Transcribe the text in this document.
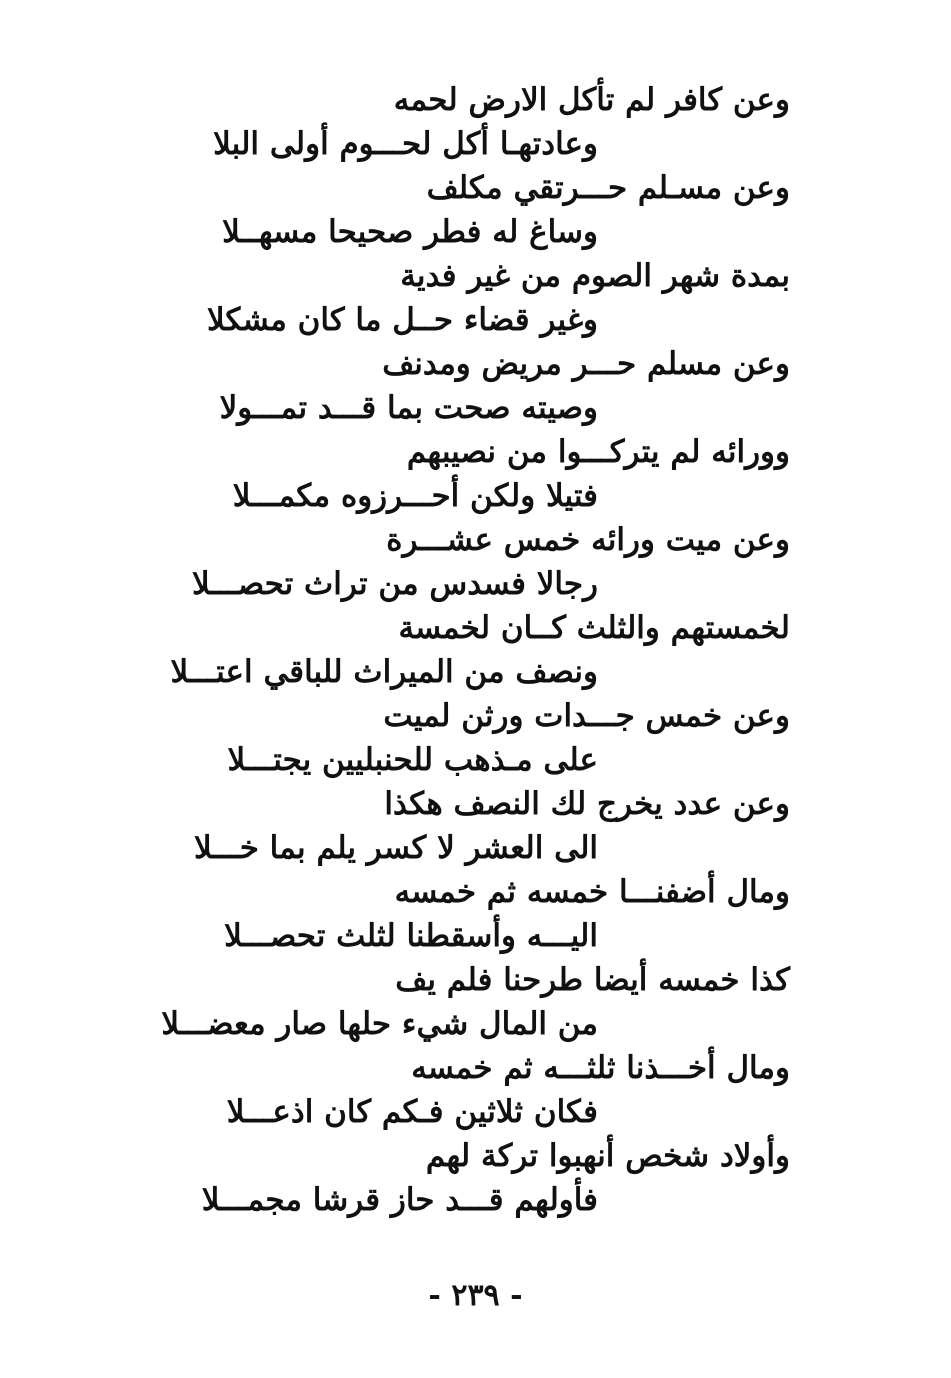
وعن كافر لم تأكل الارض لحمه
وعادتهـا أكل لحـــوم أولى البلا
وعن مسـلم حـــرتقي مكلف
وساغ له فطر صحيحا مسهــلا
بمدة شهر الصوم من غير فدية
وغير قضاء حــل ما كان مشكلا
وعن مسلم حـــر مريض ومدنف
وصيته صحت بما قـــد تمـــولا
وورائه لم يتركـــوا من نصيبهم
فتيلا ولكن أحـــرزوه مكمـــلا
وعن ميت ورائه خمس عشـــرة
رجالا فسدس من تراث تحصـــلا
لخمستهم والثلث كــان لخمسة
ونصف من الميراث للباقي اعتـــلا
وعن خمس جـــدات ورثن لميت
على مـذهب للحنبليين يجتـــلا
وعن عدد يخرج لك النصف هكذا
الى العشر لا كسر يلم بما خـــلا
ومال أضفنـــا خمسه ثم خمسه
اليـــه وأسقطنا لثلث تحصـــلا
كذا خمسه أيضا طرحنا فلم يف
من المال شيء حلها صار معضـــلا
ومال أخـــذنا ثلثـــه ثم خمسه
فكان ثلاثين فـكم كان اذعـــلا
وأولاد شخص أنهبوا تركة لهم
فأولهم قـــد حاز قرشا مجمـــلا
- ٢٣٩ -
